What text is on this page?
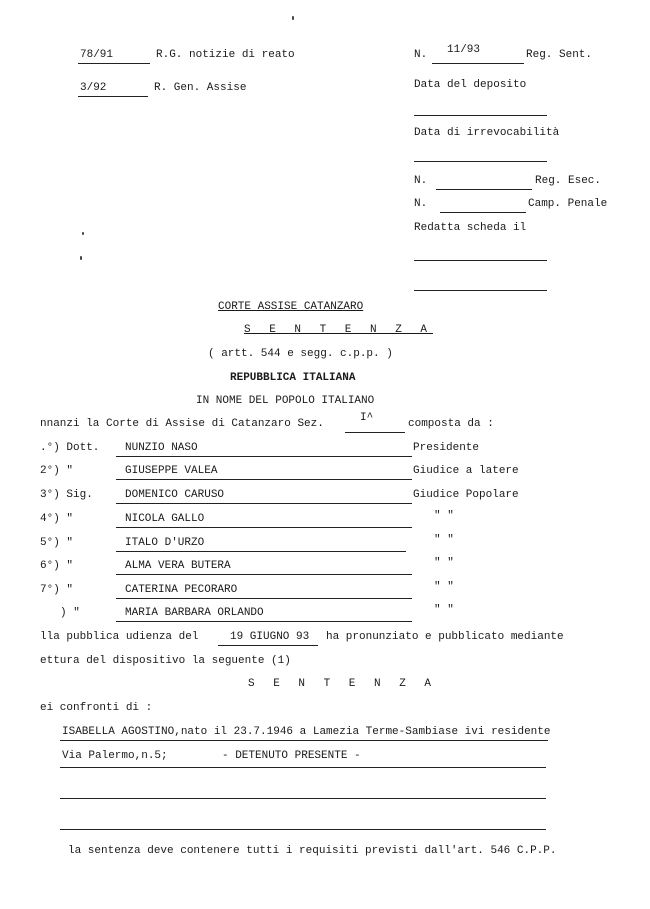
78/91	R.G. notizie di reato
3/92	R. Gen. Assise
N. 11/93	Reg. Sent.
Data del deposito
Data di irrevocabilità
N.	Reg. Esec.
N.	Camp. Penale
Redatta scheda il
CORTE ASSISE CATANZARO
S E N T E N Z A
( artt. 544 e segg. c.p.p. )
REPUBBLICA ITALIANA
IN NOME DEL POPOLO ITALIANO
nnanzi la Corte di Assise di Catanzaro Sez.	I^	composta da :
.°) Dott. NUNZIO NASO	Presidente
2°) "	GIUSEPPE VALEA	Giudice a latere
3°) Sig.	DOMENICO CARUSO	Giudice Popolare
4°) "	NICOLA GALLO	" "
5°) "	ITALO D'URZO	" "
6°) "	ALMA VERA BUTERA	" "
7°) "	CATERINA PECORARO	" "
) "	MARIA BARBARA ORLANDO	" "
lla pubblica udienza del	19 GIUGNO 93 ha pronunziato e pubblicato mediante
ettura del dispositivo la seguente (1)
S E N T E N Z A
ei confronti di :
ISABELLA AGOSTINO,nato il 23.7.1946 a Lamezia Terme-Sambiase ivi residente
Via Palermo,n.5;	- DETENUTO PRESENTE -
la sentenza deve contenere tutti i requisiti previsti dall'art. 546 C.P.P.
